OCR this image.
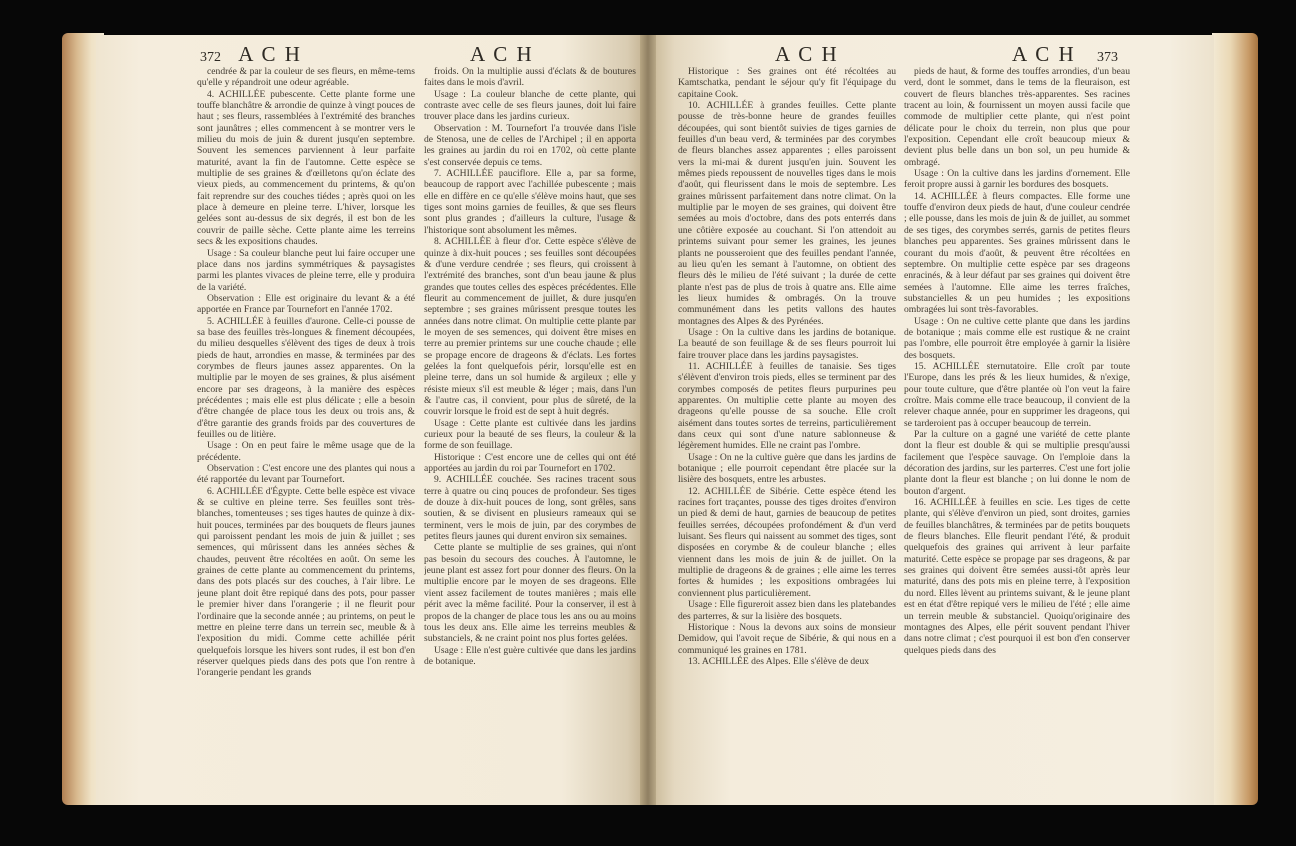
372 A C H	A C H	A C H	A C H 373

cendrée & par la couleur de ses fleurs, en même-tems qu'elle y répandroit une odeur agréable.

4. ACHILLÉE pubescente. Cette plante forme une touffe blanchâtre & arrondie de quinze à vingt pouces de haut ; ses fleurs, rassemblées à l'extrémité des branches sont jaunâtres ; elles commencent à se montrer vers le milieu du mois de juin & durent jusqu'en septembre. Souvent les semences parviennent à leur parfaite maturité, avant la fin de l'automne. Cette espèce se multiplie de ses graines & d'œilletons qu'on éclate des vieux pieds, au commencement du printems, & qu'on fait reprendre sur des couches tiédes ; après quoi on les place à demeure en pleine terre. L'hiver, lorsque les gelées sont au-dessus de six degrés, il est bon de les couvrir de paille sèche. Cette plante aime les terreins secs & les expositions chaudes.

Usage : Sa couleur blanche peut lui faire occuper une place dans nos jardins symmétriques & paysagistes parmi les plantes vivaces de pleine terre, elle y produira de la variété.

Observation : Elle est originaire du levant & a été apportée en France par Tournefort en l'année 1702.

5. ACHILLÉE à feuilles d'aurone. Celle-ci pousse de sa base des feuilles très-longues & finement découpées, du milieu desquelles s'élèvent des tiges de deux à trois pieds de haut, arrondies en masse, & terminées par des corymbes de fleurs jaunes assez apparentes. On la multiplie par le moyen de ses graines, & plus aisément encore par ses drageons, à la manière des espèces précédentes ; mais elle est plus délicate ; elle a besoin d'être changée de place tous les deux ou trois ans, & d'être garantie des grands froids par des couvertures de feuilles ou de litière.

Usage : On en peut faire le même usage que de la précédente.

Observation : C'est encore une des plantes qui nous a été rapportée du levant par Tournefort.

6. ACHILLÉE d'Égypte. Cette belle espèce est vivace & se cultive en pleine terre. Ses feuilles sont très-blanches, tomenteuses ; ses tiges hautes de quinze à dix-huit pouces, terminées par des bouquets de fleurs jaunes qui paroissent pendant les mois de juin & juillet ; ses semences, qui mûrissent dans les années sèches & chaudes, peuvent être récoltées en août. On seme les graines de cette plante au commencement du printems, dans des pots placés sur des couches, à l'air libre. Le jeune plant doit être repiqué dans des pots, pour passer le premier hiver dans l'orangerie ; il ne fleurit pour l'ordinaire que la seconde année ; au printems, on peut le mettre en pleine terre dans un terrein sec, meuble & à l'exposition du midi. Comme cette achillée périt quelquefois lorsque les hivers sont rudes, il est bon d'en réserver quelques pieds dans des pots que l'on rentre à l'orangerie pendant les grands

froids. On la multiplie aussi d'éclats & de boutures faites dans le mois d'avril.

Usage : La couleur blanche de cette plante, qui contraste avec celle de ses fleurs jaunes, doit lui faire trouver place dans les jardins curieux.

Observation : M. Tournefort l'a trouvée dans l'isle de Stenosa, une de celles de l'Archipel ; il en apporta les graines au jardin du roi en 1702, où cette plante s'est conservée depuis ce tems.

7. ACHILLÉE pauciflore. Elle a, par sa forme, beaucoup de rapport avec l'achillée pubescente ; mais elle en diffère en ce qu'elle s'élève moins haut, que ses tiges sont moins garnies de feuilles, & que ses fleurs sont plus grandes ; d'ailleurs la culture, l'usage & l'historique sont absolument les mêmes.

8. ACHILLÉE à fleur d'or. Cette espèce s'élève de quinze à dix-huit pouces ; ses feuilles sont découpées & d'une verdure cendrée ; ses fleurs, qui croissent à l'extrémité des branches, sont d'un beau jaune & plus grandes que toutes celles des espèces précédentes. Elle fleurit au commencement de juillet, & dure jusqu'en septembre ; ses graines mûrissent presque toutes les années dans notre climat. On multiplie cette plante par le moyen de ses semences, qui doivent être mises en terre au premier printems sur une couche chaude ; elle se propage encore de drageons & d'éclats. Les fortes gelées la font quelquefois périr, lorsqu'elle est en pleine terre, dans un sol humide & argileux ; elle y résiste mieux s'il est meuble & léger ; mais, dans l'un & l'autre cas, il convient, pour plus de sûreté, de la couvrir lorsque le froid est de sept à huit degrés.

Usage : Cette plante est cultivée dans les jardins curieux pour la beauté de ses fleurs, la couleur & la forme de son feuillage.

Historique : C'est encore une de celles qui ont été apportées au jardin du roi par Tournefort en 1702.

9. ACHILLÉE couchée. Ses racines tracent sous terre à quatre ou cinq pouces de profondeur. Ses tiges de douze à dix-huit pouces de long, sont grêles, sans soutien, & se divisent en plusieurs rameaux qui se terminent, vers le mois de juin, par des corymbes de petites fleurs jaunes qui durent environ six semaines.

Cette plante se multiplie de ses graines, qui n'ont pas besoin du secours des couches. À l'automne, le jeune plant est assez fort pour donner des fleurs. On la multiplie encore par le moyen de ses drageons. Elle vient assez facilement de toutes manières ; mais elle périt avec la même facilité. Pour la conserver, il est à propos de la changer de place tous les ans ou au moins tous les deux ans. Elle aime les terreins meubles & substanciels, & ne craint point nos plus fortes gelées.

Usage : Elle n'est guère cultivée que dans les jardins de botanique.

Historique : Ses graines ont été récoltées au Kamtschatka, pendant le séjour qu'y fit l'équipage du capitaine Cook.

10. ACHILLÉE à grandes feuilles. Cette plante pousse de très-bonne heure de grandes feuilles découpées, qui sont bientôt suivies de tiges garnies de feuilles d'un beau verd, & terminées par des corymbes de fleurs blanches assez apparentes ; elles paroissent vers la mi-mai & durent jusqu'en juin. Souvent les mêmes pieds repoussent de nouvelles tiges dans le mois d'août, qui fleurissent dans le mois de septembre. Les graines mûrissent parfaitement dans notre climat. On la multiplie par le moyen de ses graines, qui doivent être semées au mois d'octobre, dans des pots enterrés dans une côtière exposée au couchant. Si l'on attendoit au printems suivant pour semer les graines, les jeunes plants ne pousseroient que des feuilles pendant l'année, au lieu qu'en les semant à l'automne, on obtient des fleurs dès le milieu de l'été suivant ; la durée de cette plante n'est pas de plus de trois à quatre ans. Elle aime les lieux humides & ombragés. On la trouve communément dans les petits vallons des hautes montagnes des Alpes & des Pyrénées.

Usage : On la cultive dans les jardins de botanique. La beauté de son feuillage & de ses fleurs pourroit lui faire trouver place dans les jardins paysagistes.

11. ACHILLÉE à feuilles de tanaisie. Ses tiges s'élèvent d'environ trois pieds, elles se terminent par des corymbes composés de petites fleurs purpurines peu apparentes. On multiplie cette plante au moyen des drageons qu'elle pousse de sa souche. Elle croît aisément dans toutes sortes de terreins, particulièrement dans ceux qui sont d'une nature sablonneuse & légèrement humides. Elle ne craint pas l'ombre.

Usage : On ne la cultive guère que dans les jardins de botanique ; elle pourroit cependant être placée sur la lisière des bosquets, entre les arbustes.

12. ACHILLÉE de Sibérie. Cette espèce étend les racines fort traçantes, pousse des tiges droites d'environ un pied & demi de haut, garnies de beaucoup de petites feuilles serrées, découpées profondément & d'un verd luisant. Ses fleurs qui naissent au sommet des tiges, sont disposées en corymbe & de couleur blanche ; elles viennent dans les mois de juin & de juillet. On la multiplie de drageons & de graines ; elle aime les terres fortes & humides ; les expositions ombragées lui conviennent plus particulièrement.

Usage : Elle figureroit assez bien dans les platebandes des parterres, & sur la lisière des bosquets.

Historique : Nous la devons aux soins de monsieur Demidow, qui l'avoit reçue de Sibérie, & qui nous en a communiqué les graines en 1781.

13. ACHILLÉE des Alpes. Elle s'élève de deux

pieds de haut, & forme des touffes arrondies, d'un beau verd, dont le sommet, dans le tems de la fleuraison, est couvert de fleurs blanches très-apparentes. Ses racines tracent au loin, & fournissent un moyen aussi facile que commode de multiplier cette plante, qui n'est point délicate pour le choix du terrein, non plus que pour l'exposition. Cependant elle croît beaucoup mieux & devient plus belle dans un bon sol, un peu humide & ombragé.

Usage : On la cultive dans les jardins d'ornement. Elle feroit propre aussi à garnir les bordures des bosquets.

14. ACHILLÉE à fleurs compactes. Elle forme une touffe d'environ deux pieds de haut, d'une couleur cendrée ; elle pousse, dans les mois de juin & de juillet, au sommet de ses tiges, des corymbes serrés, garnis de petites fleurs blanches peu apparentes. Ses graines mûrissent dans le courant du mois d'août, & peuvent être récoltées en septembre. On multiplie cette espèce par ses drageons enracinés, & à leur défaut par ses graines qui doivent être semées à l'automne. Elle aime les terres fraîches, substancielles & un peu humides ; les expositions ombragées lui sont très-favorables.

Usage : On ne cultive cette plante que dans les jardins de botanique ; mais comme elle est rustique & ne craint pas l'ombre, elle pourroit être employée à garnir la lisière des bosquets.

15. ACHILLÉE sternutatoire. Elle croît par toute l'Europe, dans les prés & les lieux humides, & n'exige, pour toute culture, que d'être plantée où l'on veut la faire croître. Mais comme elle trace beaucoup, il convient de la relever chaque année, pour en supprimer les drageons, qui se tarderoient pas à occuper beaucoup de terrein.

Par la culture on a gagné une variété de cette plante dont la fleur est double & qui se multiplie presqu'aussi facilement que l'espèce sauvage. On l'emploie dans la décoration des jardins, sur les parterres. C'est une fort jolie plante dont la fleur est blanche ; on lui donne le nom de bouton d'argent.

16. ACHILLÉE à feuilles en scie. Les tiges de cette plante, qui s'élève d'environ un pied, sont droites, garnies de feuilles blanchâtres, & terminées par de petits bouquets de fleurs blanches. Elle fleurit pendant l'été, & produit quelquefois des graines qui arrivent à leur parfaite maturité. Cette espèce se propage par ses drageons, & par ses graines qui doivent être semées aussi-tôt après leur maturité, dans des pots mis en pleine terre, à l'exposition du nord. Elles lèvent au printems suivant, & le jeune plant est en état d'être repiqué vers le milieu de l'été ; elle aime un terrein meuble & substanciel. Quoiqu'originaire des montagnes des Alpes, elle périt souvent pendant l'hiver dans notre climat ; c'est pourquoi il est bon d'en conserver quelques pieds dans des
